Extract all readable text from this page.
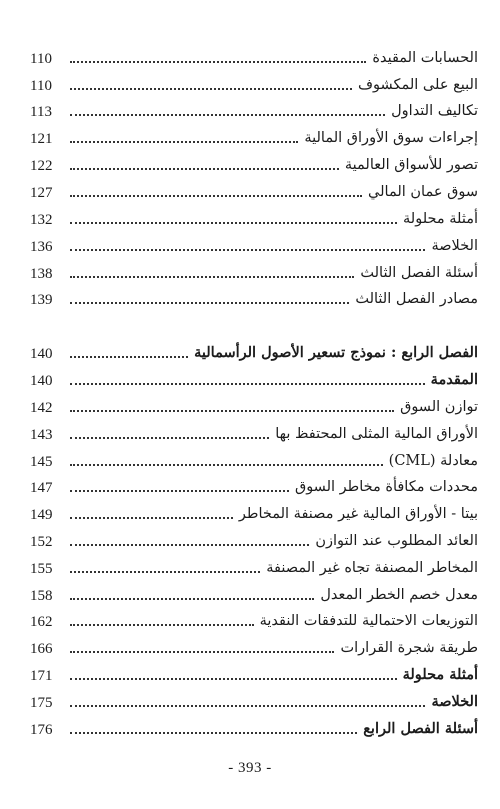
110	الحسابات المقيدة
110	البيع على المكشوف
113	تكاليف التداول
121	إجراءات سوق الأوراق المالية
122	تصور للأسواق العالمية
127	سوق عمان المالي
132	أمثلة محلولة
136	الخلاصة
138	أسئلة الفصل الثالث
139	مصادر الفصل الثالث
140	الفصل الرابع : نموذج تسعير الأصول الرأسمالية
140	المقدمة
142	توازن السوق
143	الأوراق المالية المثلى المحتفظ بها
145	معادلة (CML)
147	محددات مكافأة مخاطر السوق
149	بيتا - الأوراق المالية غير مصنفة المخاطر
152	العائد المطلوب عند التوازن
155	المخاطر المصنفة تجاه غير المصنفة
158	معدل خصم الخطر المعدل
162	التوزيعات الاحتمالية للتدفقات النقدية
166	طريقة شجرة القرارات
171	أمثلة محلولة
175	الخلاصة
176	أسئلة الفصل الرابع
- 393 -
